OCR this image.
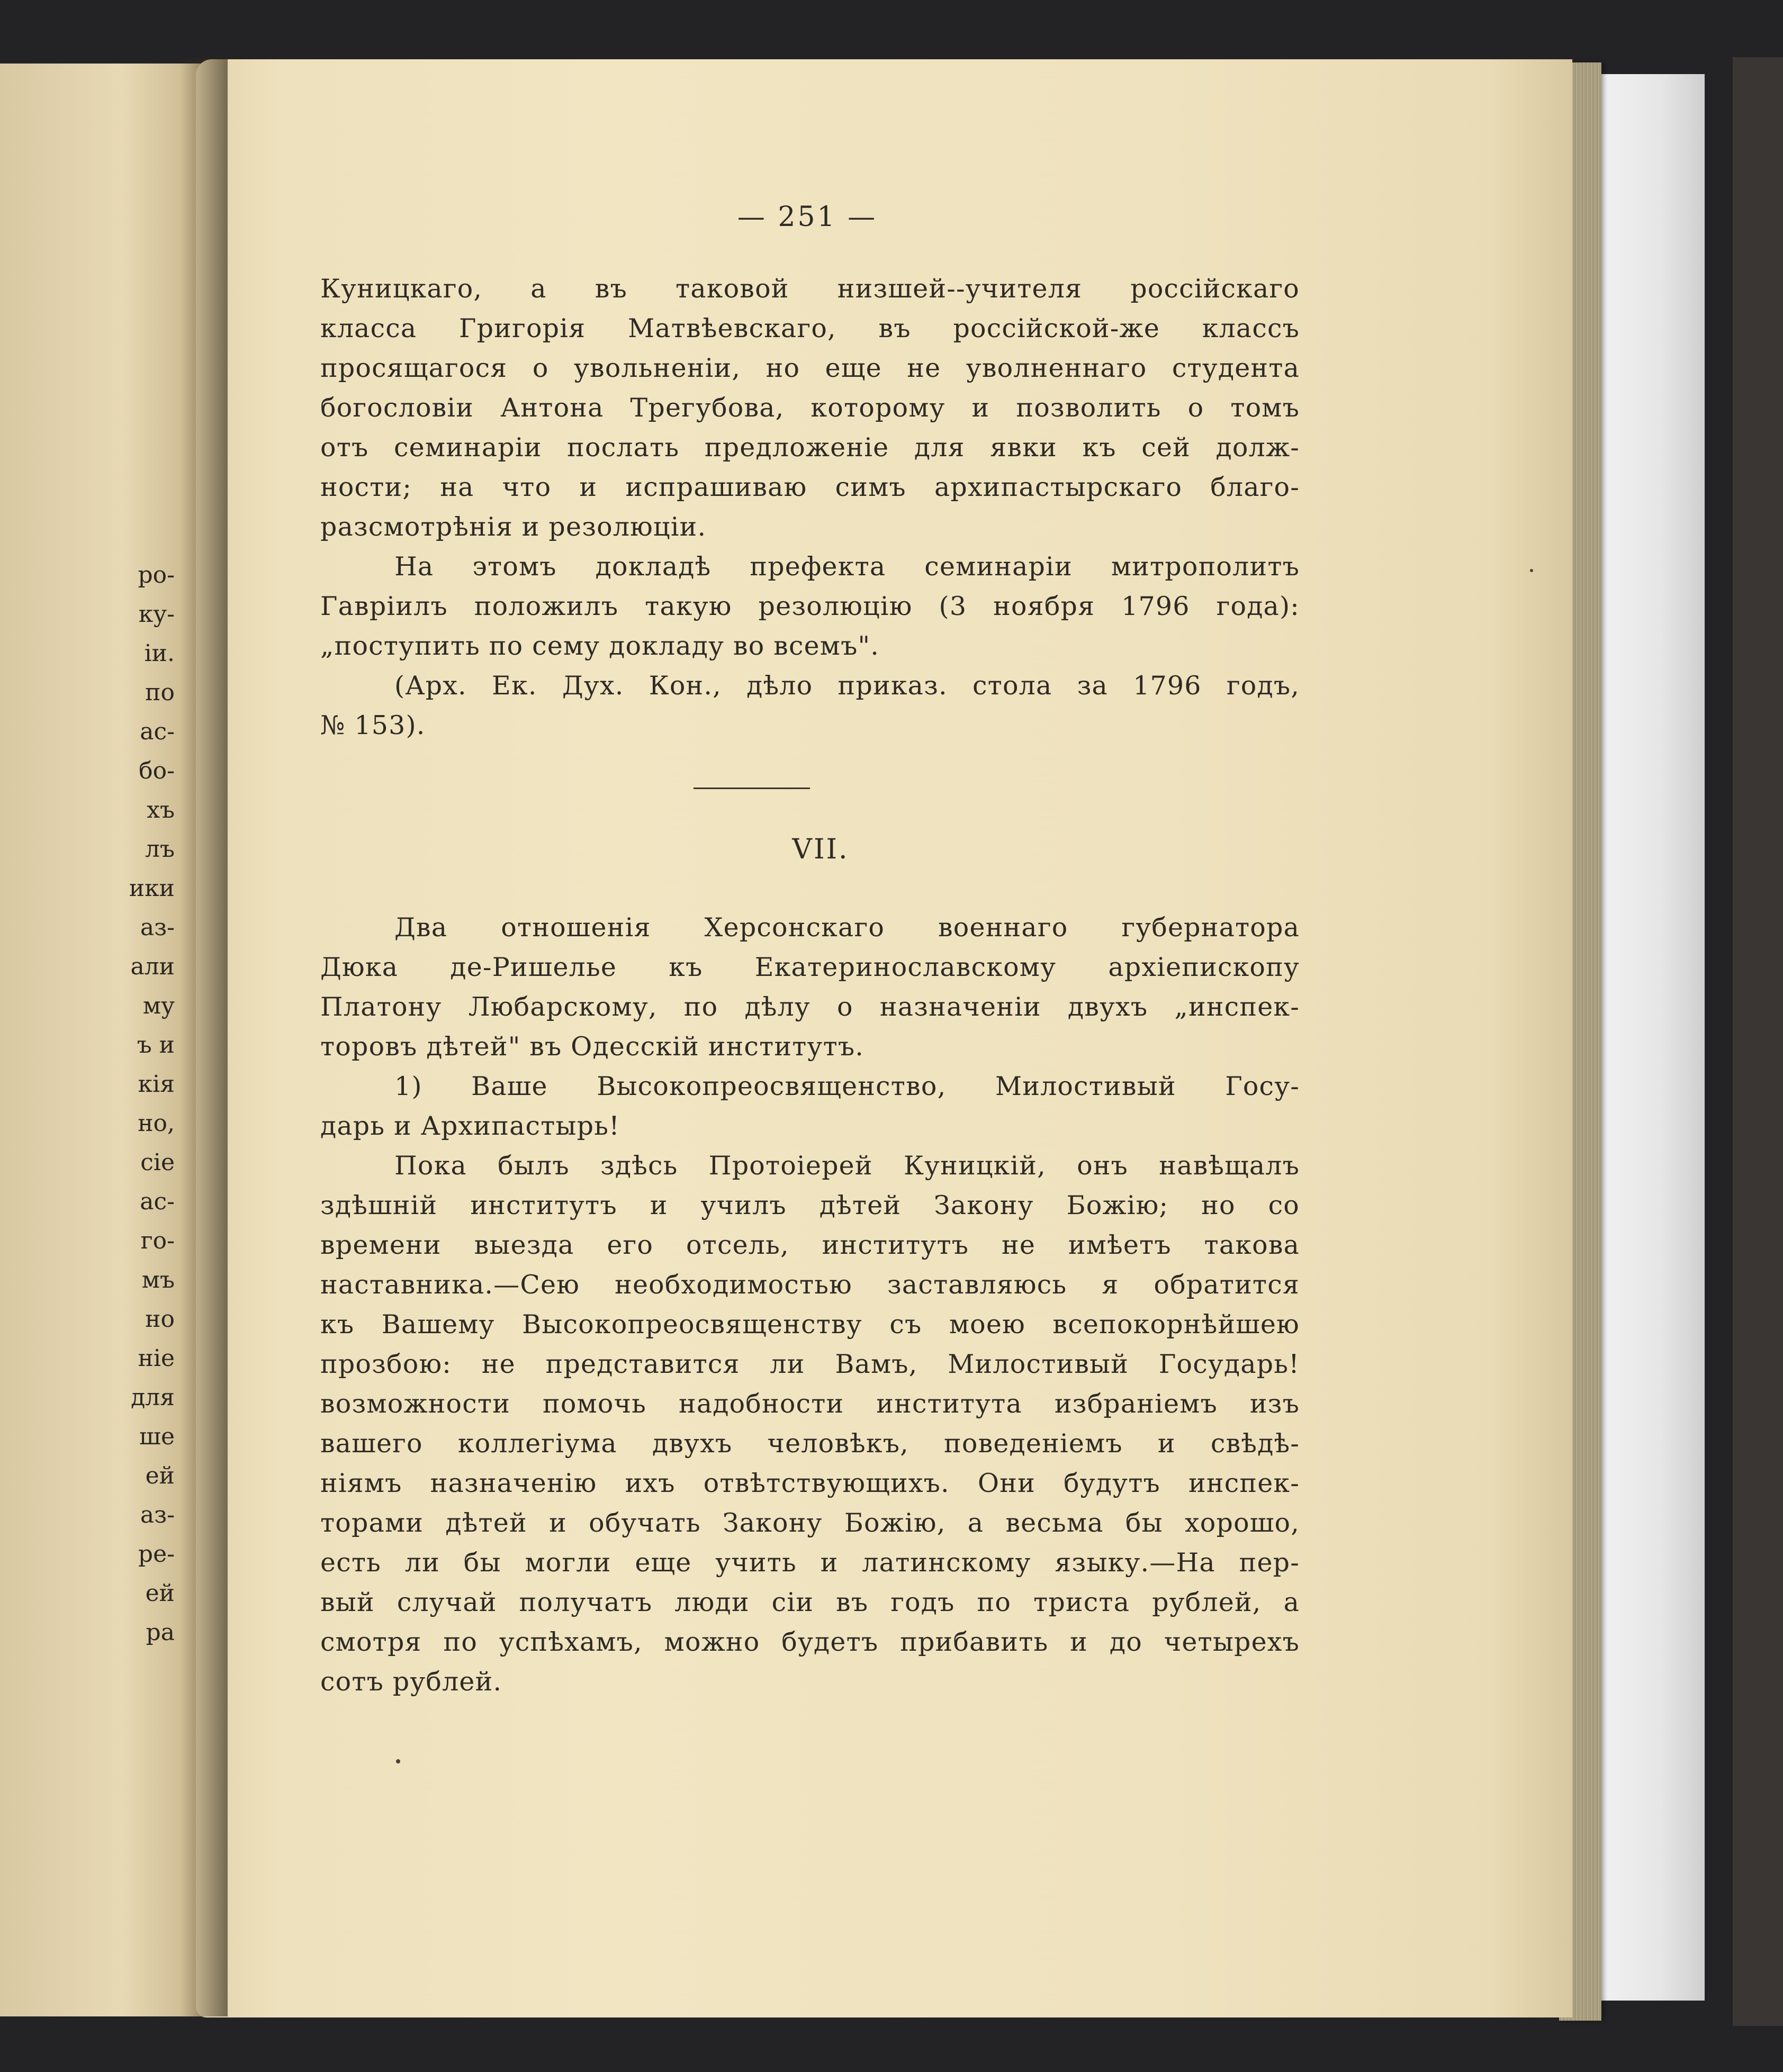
ро-
ку-
іи.
по
ас-
бо-
хъ
лъ
ики
аз-
али
му
ъ и
кія
но,
сіе
ас-
го-
мъ
но
ніе
для
ше
ей
аз-
ре-
ей
ра
— 251 —
Куницкаго, а въ таковой низшей--учителя россійскаго
класса Григорія Матвѣевскаго, въ россійской-же классъ
просящагося о увольненіи, но еще не уволненнаго студента
богословіи Антона Трегубова, которому и позволить о томъ
отъ семинаріи послать предложеніе для явки къ сей долж-
ности; на что и испрашиваю симъ архипастырскаго благо-
разсмотрѣнія и резолюціи.
На этомъ докладѣ префекта семинаріи митрополитъ
Гавріилъ положилъ такую резолюцію (3 ноября 1796 года):
„поступить по сему докладу во всемъ".
(Арх. Ек. Дух. Кон., дѣло приказ. стола за 1796 годъ,
№ 153).
VII.
Два отношенія Херсонскаго военнаго губернатора
Дюка де-Ришелье къ Екатеринославскому архіепископу
Платону Любарскому, по дѣлу о назначеніи двухъ „инспек-
торовъ дѣтей" въ Одесскій институтъ.
1) Ваше Высокопреосвященство, Милостивый Госу-
дарь и Архипастырь!
Пока былъ здѣсь Протоіерей Куницкій, онъ навѣщалъ
здѣшній институтъ и училъ дѣтей Закону Божію; но со
времени выезда его отсель, институтъ не имѣетъ такова
наставника.—Сею необходимостью заставляюсь я обратится
къ Вашему Высокопреосвященству съ моею всепокорнѣйшею
прозбою: не представится ли Вамъ, Милостивый Государь!
возможности помочь надобности института избраніемъ изъ
вашего коллегіума двухъ человѣкъ, поведеніемъ и свѣдѣ-
ніямъ назначенію ихъ отвѣтствующихъ. Они будутъ инспек-
торами дѣтей и обучать Закону Божію, а весьма бы хорошо,
есть ли бы могли еще учить и латинскому языку.—На пер-
вый случай получатъ люди сіи въ годъ по триста рублей, а
смотря по успѣхамъ, можно будетъ прибавить и до четырехъ
сотъ рублей.
